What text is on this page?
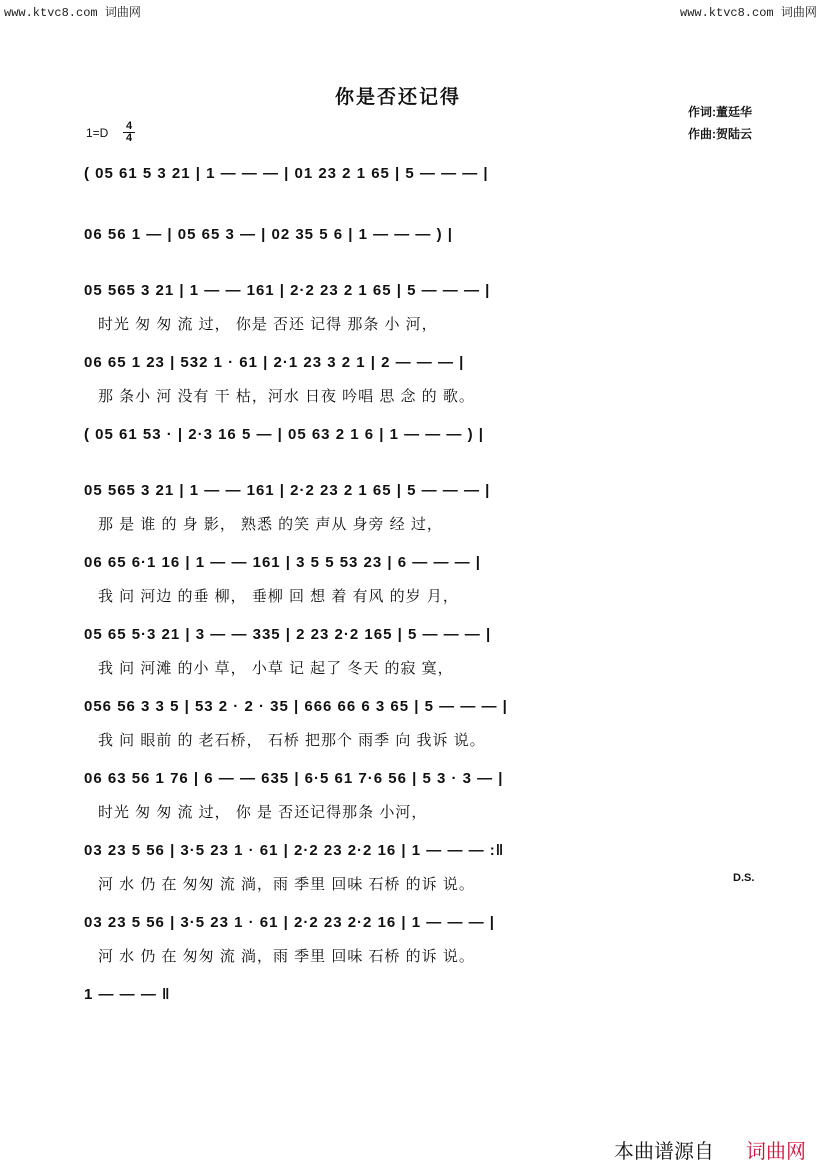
www.ktvc8.com 词曲网	www.ktvc8.com 词曲网
你是否还记得
作词:董廷华
作曲:贺陆云
$1=D \frac{4}{4}$
( 05 61 5 3 21 | 1 — — — | 01 23 2 1 65 | 5 — — — |
06 56 1 — | 05 65 3 — | 02 35 5 6 | 1 — — — ) |
05 565 3 21 | 1 — — 161 | 2·2 23 2 1 65 | 5 — — — |
时光 匆 匆 流 过， 你是 否还 记得 那条 小 河，
06 65 1 23 | 532 1 · 61 | 2·1 23 3 2 1 | 2 — — — |
那 条小 河 没有 干 枯，河水 日夜 吟唱 思 念 的 歌。
( 05 61 53 · | 2·3 16 5 — | 05 63 2 1 6 | 1 — — — ) |
05 565 3 21 | 1 — — 161 | 2·2 23 2 1 65 | 5 — — — |
那 是 谁 的 身 影， 熟悉 的笑 声从 身旁 经 过，
06 65 6·1 16 | 1 — — 161 | 3 5 5 53 23 | 6 — — — |
我 问 河边 的垂 柳， 垂柳 回 想 着 有风 的岁 月，
05 65 5·3 21 | 3 — — 335 | 2 23 2·2 165 | 5 — — — |
我 问 河滩 的小 草， 小草 记 起了 冬天 的寂 寞，
056 56 3 3 5 | 53 2 · 2 · 35 | 666 66 6 3 65 | 5 — — — |
我 问 眼前 的 老石桥， 石桥 把那个 雨季 向 我诉 说。
06 63 56 1 76 | 6 — — 635 | 6·5 61 7·6 56 | 5 3 · 3 — |
时光 匆 匆 流 过， 你 是 否还记得那条 小河，
03 23 5 56 | 3·5 23 1 · 61 | 2·2 23 2·2 16 | 1 — — — :‖
河 水 仍 在 匆匆 流 淌，雨 季里 回味 石桥 的诉 说。
03 23 5 56 | 3·5 23 1 · 61 | 2·2 23 2·2 16 | 1 — — — |
河 水 仍 在 匆匆 流 淌，雨 季里 回味 石桥 的诉 说。
1 — — — ‖
D.S.
本曲谱源自 词曲网
